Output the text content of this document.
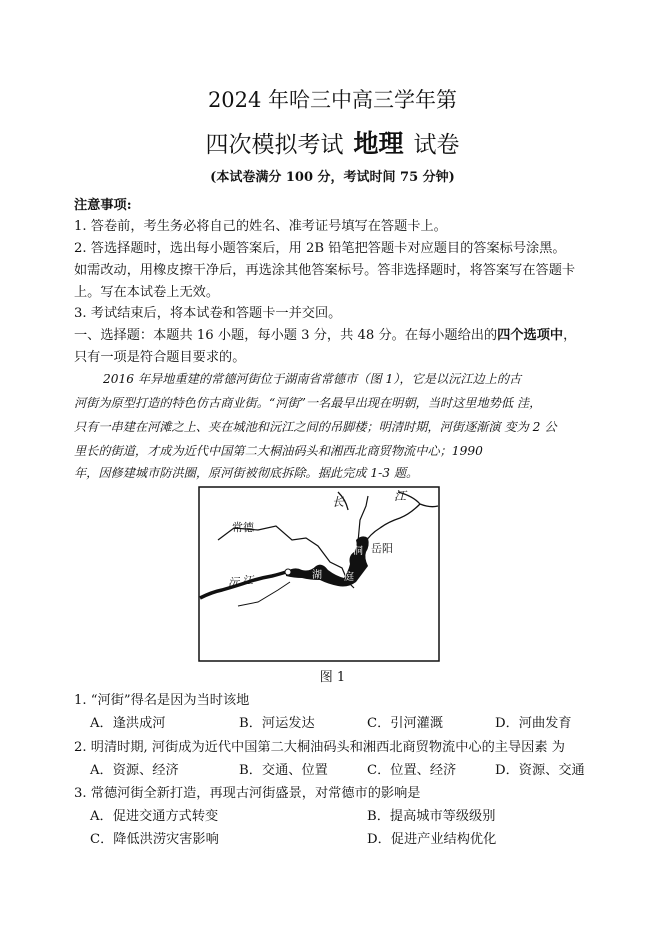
2024 年哈三中高三学年第
四次模拟考试 地理 试卷
(本试卷满分 100 分，考试时间 75 分钟)
注意事项:
1. 答卷前，考生务必将自己的姓名、准考证号填写在答题卡上。
2. 答选择题时，选出每小题答案后，用 2B 铅笔把答题卡对应题目的答案标号涂黑。
如需改动，用橡皮擦干净后，再选涂其他答案标号。答非选择题时，将答案写在答题卡
上。写在本试卷上无效。
3. 考试结束后，将本试卷和答题卡一并交回。
一、选择题：本题共 16 小题，每小题 3 分，共 48 分。在每小题给出的四个选项中，
只有一项是符合题目要求的。
2016 年异地重建的常德河街位于湖南省常德市（图 1），它是以沅江边上的古
河街为原型打造的特色仿古商业街。“河街”一名最早出现在明朝，当时这里地势低 洼，
只有一串建在河滩之上、夹在城池和沅江之间的吊脚楼；明清时期，河街逐渐演 变为 2 公
里长的街道，才成为近代中国第二大桐油码头和湘西北商贸物流中心；1990
年，因修建城市防洪圈，原河街被彻底拆除。据此完成 1-3 题。
长	江
常德
岳阳
沅 江
洞
庭
湖
图 1
1. “河街”得名是因为当时该地
A．逢洪成河	B．河运发达	C．引河灌溉	D．河曲发育
2. 明清时期, 河街成为近代中国第二大桐油码头和湘西北商贸物流中心的主导因素 为
A．资源、经济	B．交通、位置	C．位置、经济	D．资源、交通
3. 常德河街全新打造，再现古河街盛景，对常德市的影响是
A．促进交通方式转变	B．提高城市等级级别
C．降低洪涝灾害影响	D．促进产业结构优化
